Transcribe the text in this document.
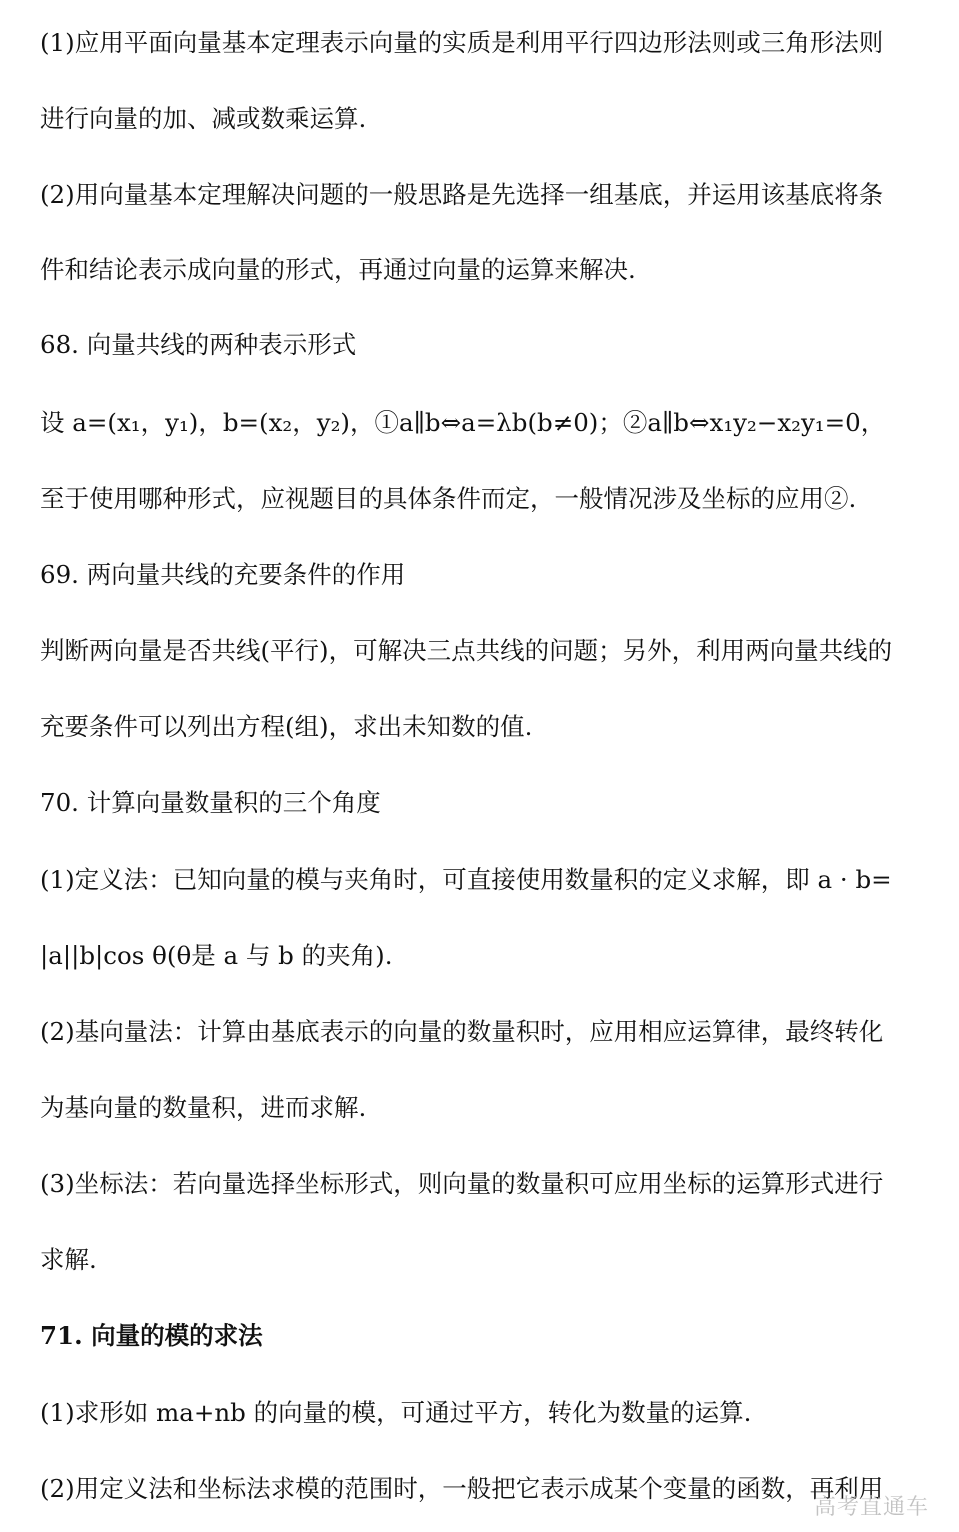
(1)应用平面向量基本定理表示向量的实质是利用平行四边形法则或三角形法则
进行向量的加、减或数乘运算.
(2)用向量基本定理解决问题的一般思路是先选择一组基底，并运用该基底将条
件和结论表示成向量的形式，再通过向量的运算来解决.
68. 向量共线的两种表示形式
设 a=(x₁，y₁)，b=(x₂，y₂)，①a∥b⇔a=λb(b≠0)；②a∥b⇔x₁y₂−x₂y₁=0，
至于使用哪种形式，应视题目的具体条件而定，一般情况涉及坐标的应用②.
69. 两向量共线的充要条件的作用
判断两向量是否共线(平行)，可解决三点共线的问题；另外，利用两向量共线的
充要条件可以列出方程(组)，求出未知数的值.
70. 计算向量数量积的三个角度
(1)定义法：已知向量的模与夹角时，可直接使用数量积的定义求解，即 a · b=
|a||b|cos θ(θ是 a 与 b 的夹角).
(2)基向量法：计算由基底表示的向量的数量积时，应用相应运算律，最终转化
为基向量的数量积，进而求解.
(3)坐标法：若向量选择坐标形式，则向量的数量积可应用坐标的运算形式进行
求解.
71. 向量的模的求法
(1)求形如 ma+nb 的向量的模，可通过平方，转化为数量的运算.
(2)用定义法和坐标法求模的范围时，一般把它表示成某个变量的函数，再利用
高考直通车
